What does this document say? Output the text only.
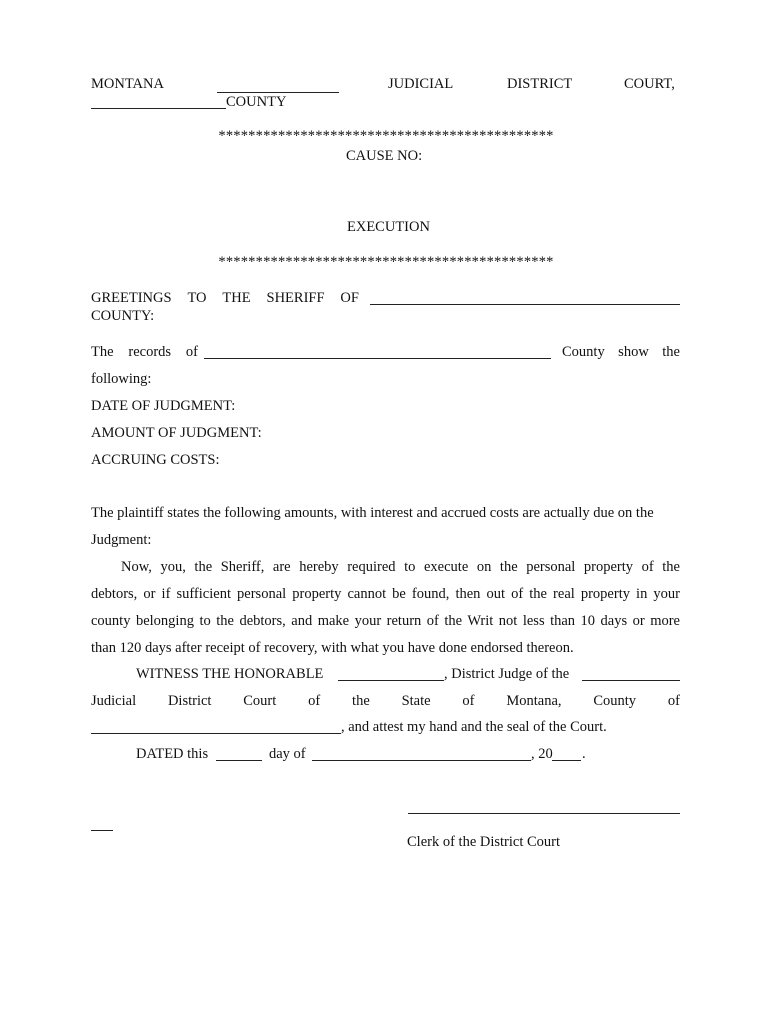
MONTANA	JUDICIAL	DISTRICT	COURT,
COUNTY
*********************************************
CAUSE NO:
EXECUTION
*********************************************
GREETINGS TO THE SHERIFF OF
COUNTY:
The records of	County show the
following:
DATE OF JUDGMENT:
AMOUNT OF JUDGMENT:
ACCRUING COSTS:
The plaintiff states the following amounts, with interest and accrued costs are actually due on the
Judgment:
Now, you, the Sheriff, are hereby required to execute on the personal property of the
debtors, or if sufficient personal property cannot be found, then out of the real property in your
county belonging to the debtors, and make your return of the Writ not less than 10 days or more
than 120 days after receipt of recovery, with what you have done endorsed thereon.
WITNESS THE HONORABLE	, District Judge of the
Judicial District Court of the State of Montana, County of
, and attest my hand and the seal of the Court.
DATED this	day of	, 20 .
Clerk of the District Court
